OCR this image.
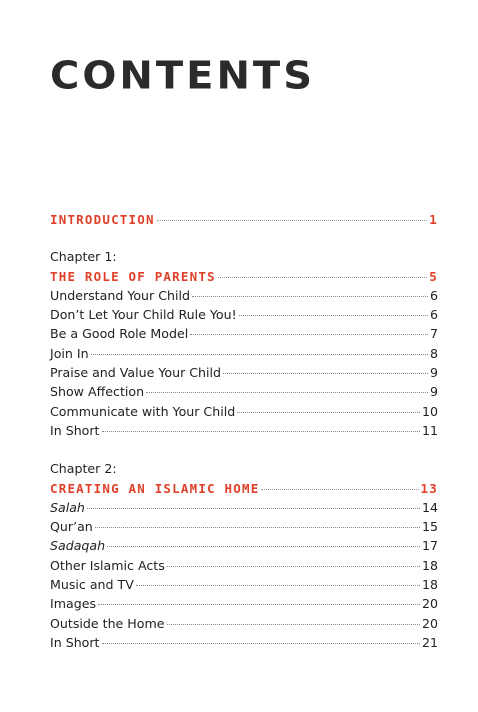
CONTENTS
INTRODUCTION	1
Chapter 1:
THE ROLE OF PARENTS	5
Understand Your Child	6
Don’t Let Your Child Rule You!	6
Be a Good Role Model	7
Join In	8
Praise and Value Your Child	9
Show Affection	9
Communicate with Your Child	10
In Short	11
Chapter 2:
CREATING AN ISLAMIC HOME	13
Salah	14
Qur’an	15
Sadaqah	17
Other Islamic Acts	18
Music and TV	18
Images	20
Outside the Home	20
In Short	21
